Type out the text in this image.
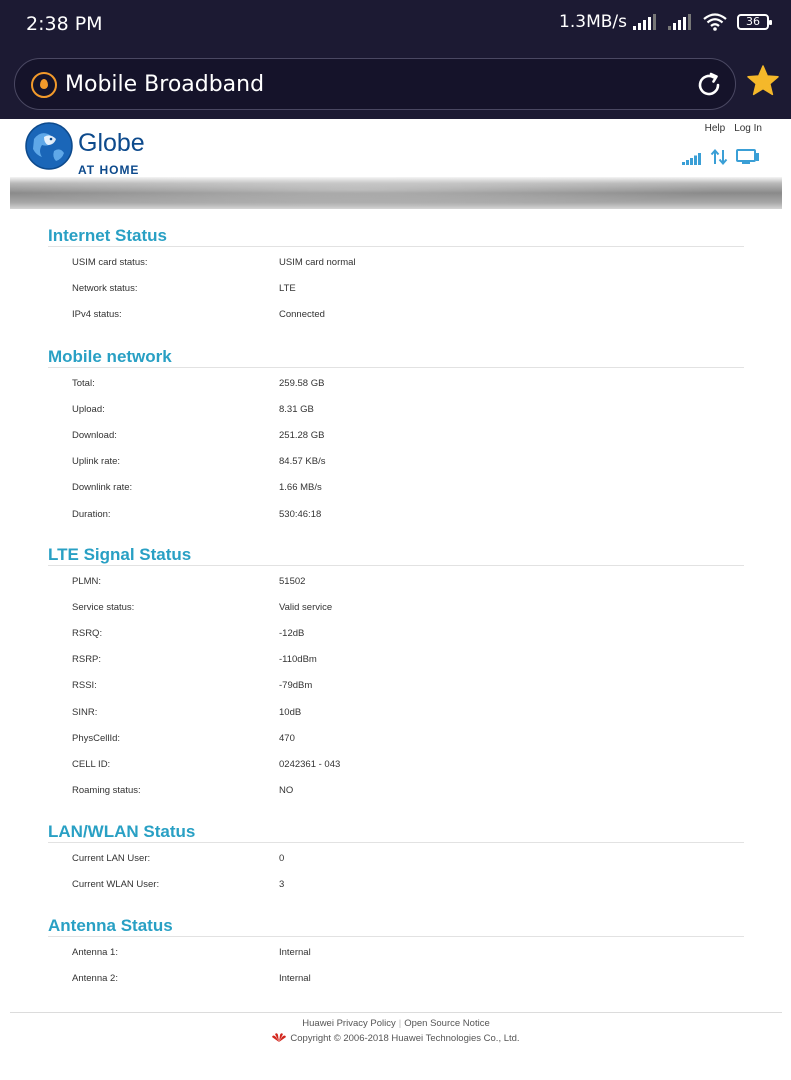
2:38 PM	1.3MB/s	36
Mobile Broadband
Globe
AT HOME
Help Log In
Internet Status
USIM card status:	USIM card normal
Network status:	LTE
IPv4 status:	Connected
Mobile network
Total:	259.58 GB
Upload:	8.31 GB
Download:	251.28 GB
Uplink rate:	84.57 KB/s
Downlink rate:	1.66 MB/s
Duration:	530:46:18
LTE Signal Status
PLMN:	51502
Service status:	Valid service
RSRQ:	-12dB
RSRP:	-110dBm
RSSI:	-79dBm
SINR:	10dB
PhysCellId:	470
CELL ID:	0242361 - 043
Roaming status:	NO
LAN/WLAN Status
Current LAN User:	0
Current WLAN User:	3
Antenna Status
Antenna 1:	Internal
Antenna 2:	Internal
Huawei Privacy Policy | Open Source Notice
Copyright © 2006-2018 Huawei Technologies Co., Ltd.
